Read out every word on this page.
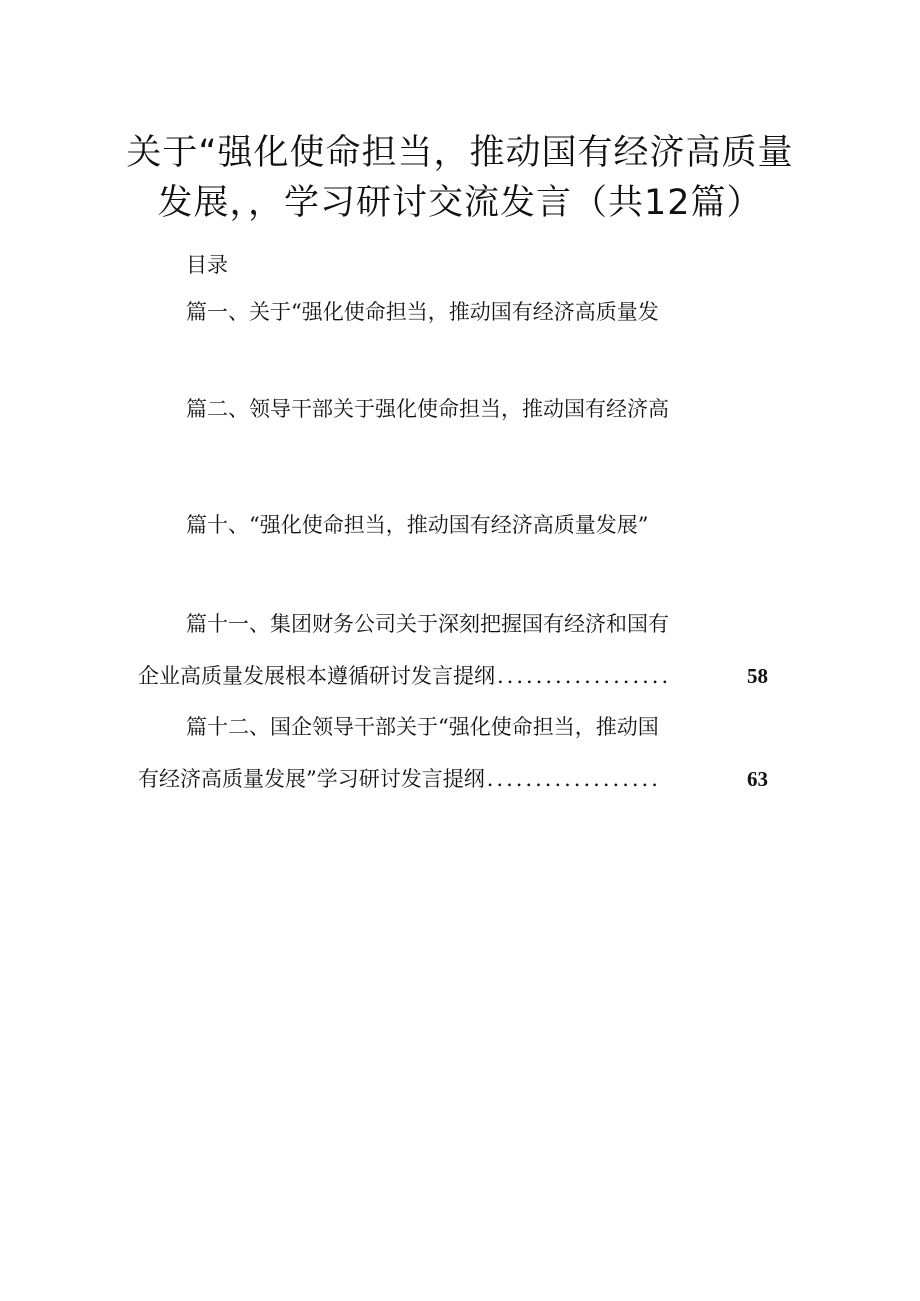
关于“强化使命担当，推动国有经济高质量
发展，，学习研讨交流发言（共12篇）
目录
篇一、关于“强化使命担当，推动国有经济高质量发
篇二、领导干部关于强化使命担当，推动国有经济高
篇十、“强化使命担当，推动国有经济高质量发展”
篇十一、集团财务公司关于深刻把握国有经济和国有
企业高质量发展根本遵循研讨发言提纲 ..................	58
篇十二、国企领导干部关于“强化使命担当，推动国
有经济高质量发展”学习研讨发言提纲 ..................	63
